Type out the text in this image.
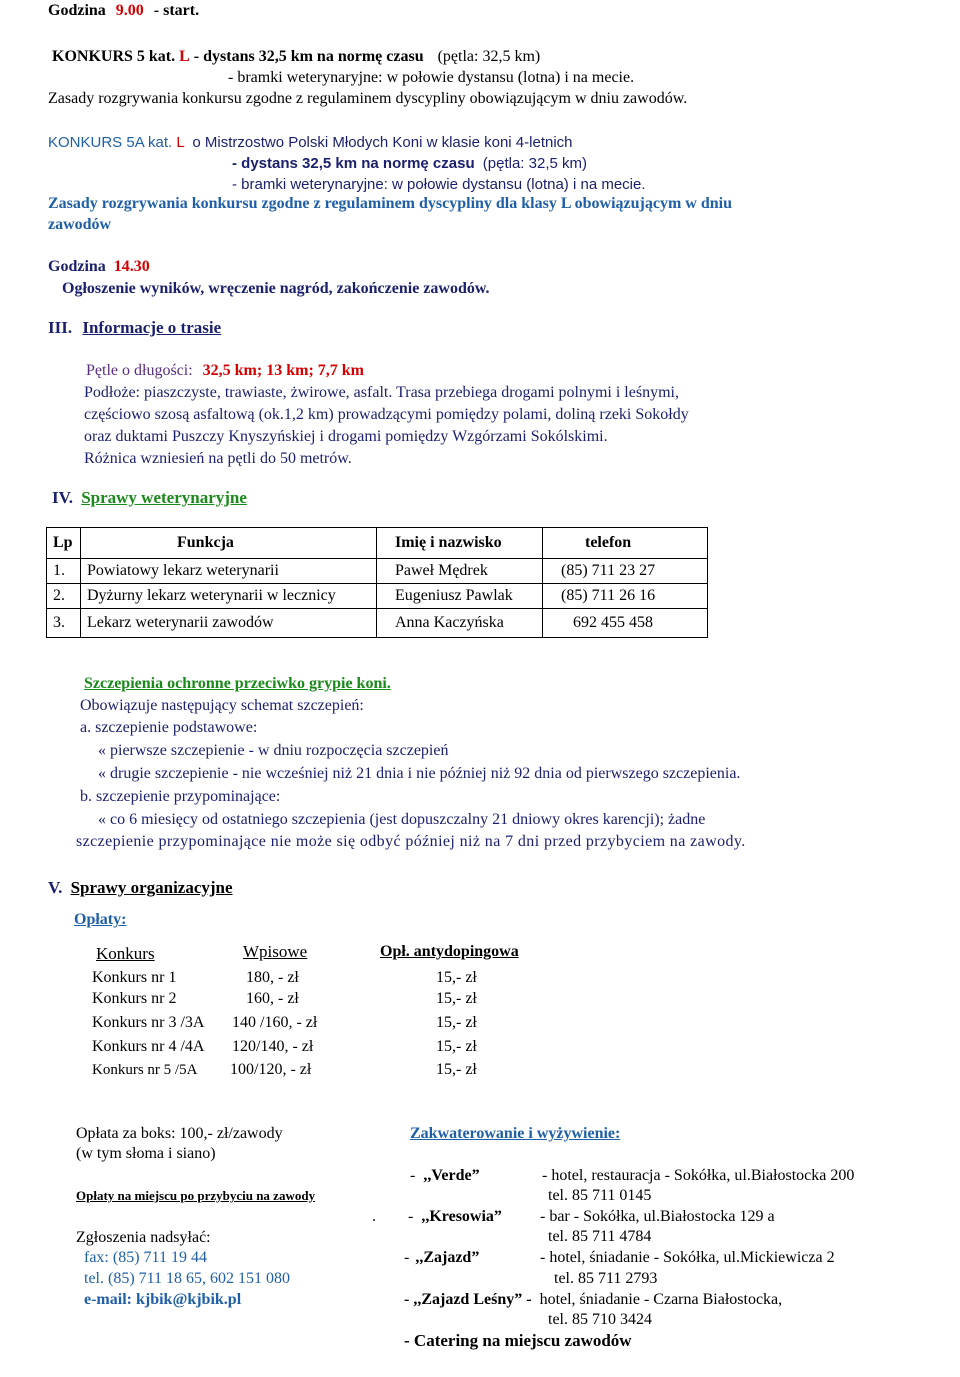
Godzina 9.00 - start.
KONKURS 5 kat. L - dystans 32,5 km na normę czasu (pętla: 32,5 km)
- bramki weterynaryjne: w połowie dystansu (lotna) i na mecie.
Zasady rozgrywania konkursu zgodne z regulaminem dyscypliny obowiązującym w dniu zawodów.
KONKURS 5A kat. L o Mistrzostwo Polski Młodych Koni w klasie koni 4-letnich
- dystans 32,5 km na normę czasu (pętla: 32,5 km)
- bramki weterynaryjne: w połowie dystansu (lotna) i na mecie.
Zasady rozgrywania konkursu zgodne z regulaminem dyscypliny dla klasy L obowiązującym w dniu
zawodów
Godzina 14.30
Ogłoszenie wyników, wręczenie nagród, zakończenie zawodów.
III. Informacje o trasie
Pętle o długości: 32,5 km; 13 km; 7,7 km
Podłoże: piaszczyste, trawiaste, żwirowe, asfalt. Trasa przebiega drogami polnymi i leśnymi,
częściowo szosą asfaltową (ok.1,2 km) prowadzącymi pomiędzy polami, doliną rzeki Sokołdy
oraz duktami Puszczy Knyszyńskiej i drogami pomiędzy Wzgórzami Sokólskimi.
Różnica wzniesień na pętli do 50 metrów.
IV. Sprawy weterynaryjne
Lp	Funkcja	Imię i nazwisko	telefon
1.	Powiatowy lekarz weterynarii	Paweł Mędrek	(85) 711 23 27
2.	Dyżurny lekarz weterynarii w lecznicy	Eugeniusz Pawlak	(85) 711 26 16
3.	Lekarz weterynarii zawodów	Anna Kaczyńska	692 455 458
Szczepienia ochronne przeciwko grypie koni.
Obowiązuje następujący schemat szczepień:
a. szczepienie podstawowe:
« pierwsze szczepienie - w dniu rozpoczęcia szczepień
« drugie szczepienie - nie wcześniej niż 21 dnia i nie później niż 92 dnia od pierwszego szczepienia.
b. szczepienie przypominające:
« co 6 miesięcy od ostatniego szczepienia (jest dopuszczalny 21 dniowy okres karencji); żadne
szczepienie przypominające nie może się odbyć później niż na 7 dni przed przybyciem na zawody.
V. Sprawy organizacyjne
Opłaty:
Konkurs	Wpisowe	Opł. antydopingowa
Konkurs nr 1	180, - zł	15,- zł
Konkurs nr 2	160, - zł	15,- zł
Konkurs nr 3 /3A 140 /160, - zł	15,- zł
Konkurs nr 4 /4A 120/140, - zł	15,- zł
Konkurs nr 5 /5A 100/120, - zł	15,- zł
Opłata za boks: 100,- zł/zawody
(w tym słoma i siano)
Opłaty na miejscu po przybyciu na zawody
Zgłoszenia nadsyłać:
fax: (85) 711 19 44
tel. (85) 711 18 65, 602 151 080
e-mail: kjbik@kjbik.pl
Zakwaterowanie i wyżywienie:
- ,,Verde”	- hotel, restauracja - Sokółka, ul.Białostocka 200
tel. 85 711 0145
. - ,,Kresowia” - bar - Sokółka, ul.Białostocka 129 a
tel. 85 711 4784
- ,,Zajazd”	- hotel, śniadanie - Sokółka, ul.Mickiewicza 2
tel. 85 711 2793
- ,,Zajazd Leśny” - hotel, śniadanie - Czarna Białostocka,
tel. 85 710 3424
- Catering na miejscu zawodów
